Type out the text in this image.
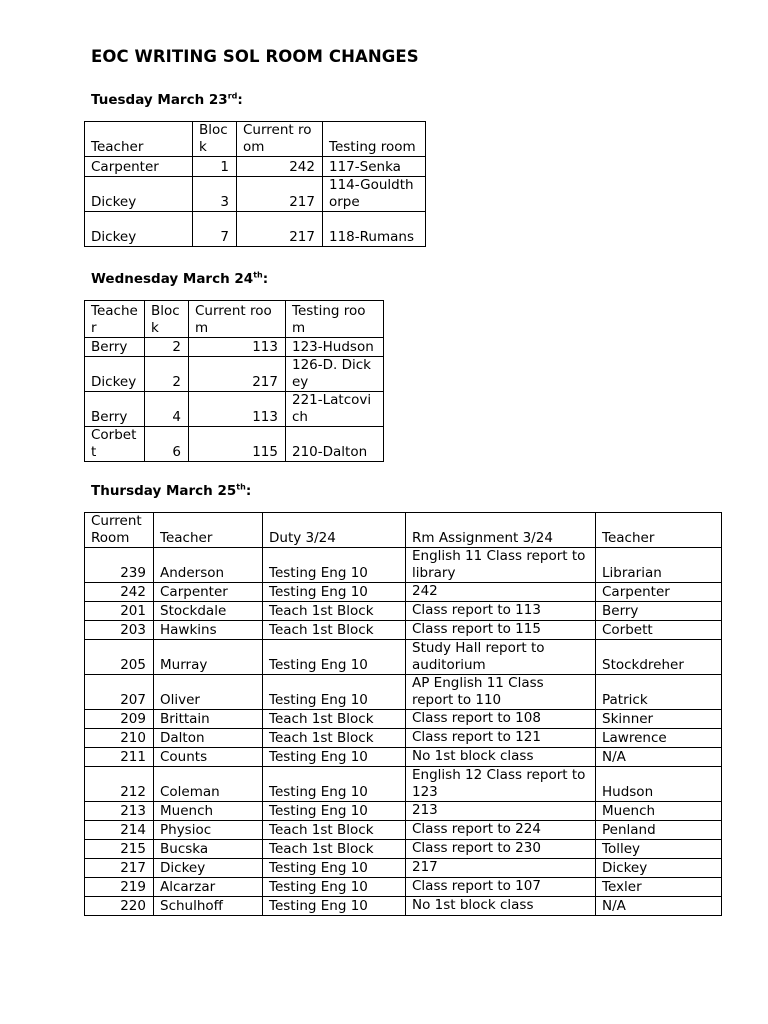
EOC WRITING SOL ROOM CHANGES
Tuesday March 23rd:
Teacher	Block	Current room	Testing room
Carpenter	1	242	117-Senka
Dickey	3	217	114-Gouldthorpe
Dickey	7	217	118-Rumans
Wednesday March 24th:
Teacher	Block	Current room	Testing room
Berry	2	113	123-Hudson
Dickey	2	217	126-D. Dickey
Berry	4	113	221-Latcovich
Corbett	6	115	210-Dalton
Thursday March 25th:
Current Room	Teacher	Duty 3/24	Rm Assignment 3/24	Teacher
239	Anderson	Testing Eng 10	English 11 Class report to library	Librarian
242	Carpenter	Testing Eng 10	242	Carpenter
201	Stockdale	Teach 1st Block	Class report to 113	Berry
203	Hawkins	Teach 1st Block	Class report to 115	Corbett
205	Murray	Testing Eng 10	Study Hall report to auditorium	Stockdreher
207	Oliver	Testing Eng 10	AP English 11 Class report to 110	Patrick
209	Brittain	Teach 1st Block	Class report to 108	Skinner
210	Dalton	Teach 1st Block	Class report to 121	Lawrence
211	Counts	Testing Eng 10	No 1st block class	N/A
212	Coleman	Testing Eng 10	English 12 Class report to 123	Hudson
213	Muench	Testing Eng 10	213	Muench
214	Physioc	Teach 1st Block	Class report to 224	Penland
215	Bucska	Teach 1st Block	Class report to 230	Tolley
217	Dickey	Testing Eng 10	217	Dickey
219	Alcarzar	Testing Eng 10	Class report to 107	Texler
220	Schulhoff	Testing Eng 10	No 1st block class	N/A
